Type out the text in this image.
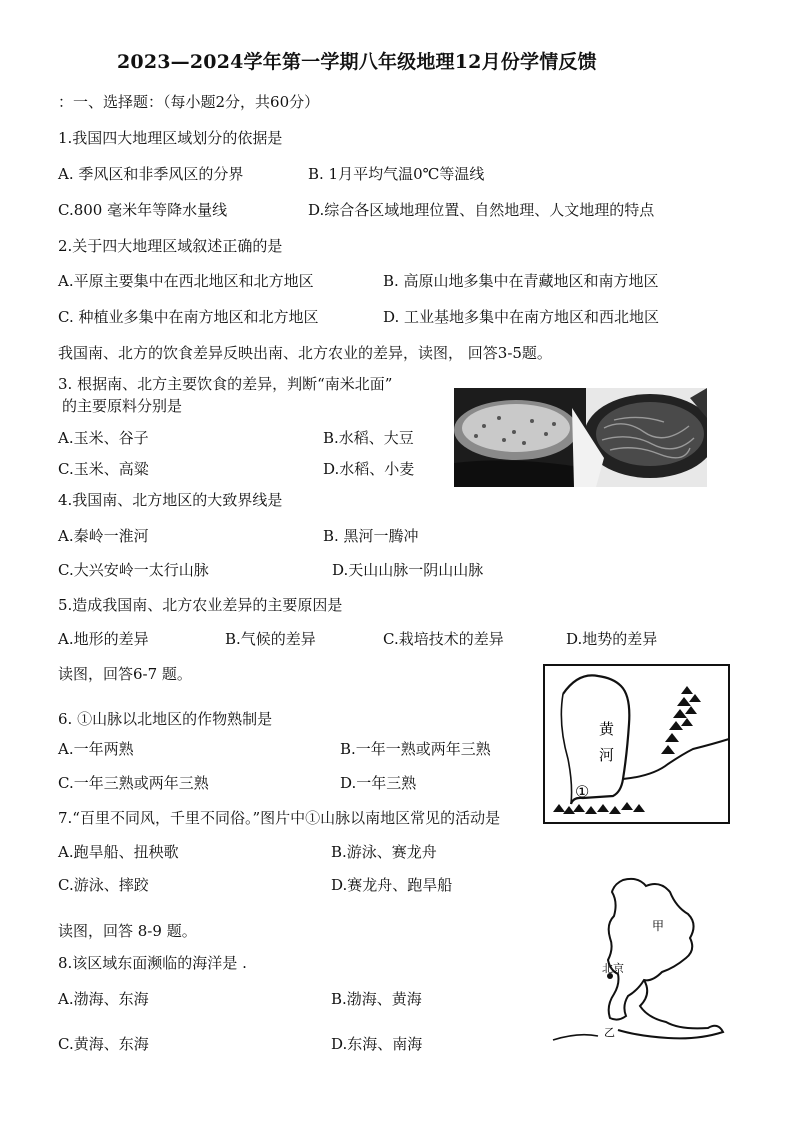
2023—2024学年第一学期八年级地理12月份学情反馈
：一、选择题：（每小题2分，共60分）
1.我国四大地理区域划分的依据是
A. 季风区和非季风区的分界	B. 1月平均气温0℃等温线
C.800 毫米年等降水量线	D.综合各区域地理位置、自然地理、人文地理的特点
2.关于四大地理区域叙述正确的是
A.平原主要集中在西北地区和北方地区	B. 高原山地多集中在青藏地区和南方地区
C. 种植业多集中在南方地区和北方地区	D. 工业基地多集中在南方地区和西北地区
我国南、北方的饮食差异反映出南、北方农业的差异，读图， 回答3-5题。
3. 根据南、北方主要饮食的差异，判断“南米北面”
的主要原料分别是
A.玉米、谷子	B.水稻、大豆
C.玉米、高粱	D.水稻、小麦
4.我国南、北方地区的大致界线是
A.秦岭一淮河	B. 黑河一腾冲
C.大兴安岭一太行山脉	D.天山山脉一阴山山脉
5.造成我国南、北方农业差异的主要原因是
A.地形的差异	B.气候的差异	C.栽培技术的差异	D.地势的差异
读图，回答6-7 题。
黄
河
①
6. ①山脉以北地区的作物熟制是
A.一年两熟	B.一年一熟或两年三熟
C.一年三熟或两年三熟	D.一年三熟
7.“百里不同风，千里不同俗。”图片中①山脉以南地区常见的活动是
A.跑旱船、扭秧歌	B.游泳、赛龙舟
C.游泳、摔跤	D.赛龙舟、跑旱船
读图，回答 8-9 题。	甲
北京
乙
8.该区域东面濒临的海洋是 .
A.渤海、东海	B.渤海、黄海
C.黄海、东海	D.东海、南海
